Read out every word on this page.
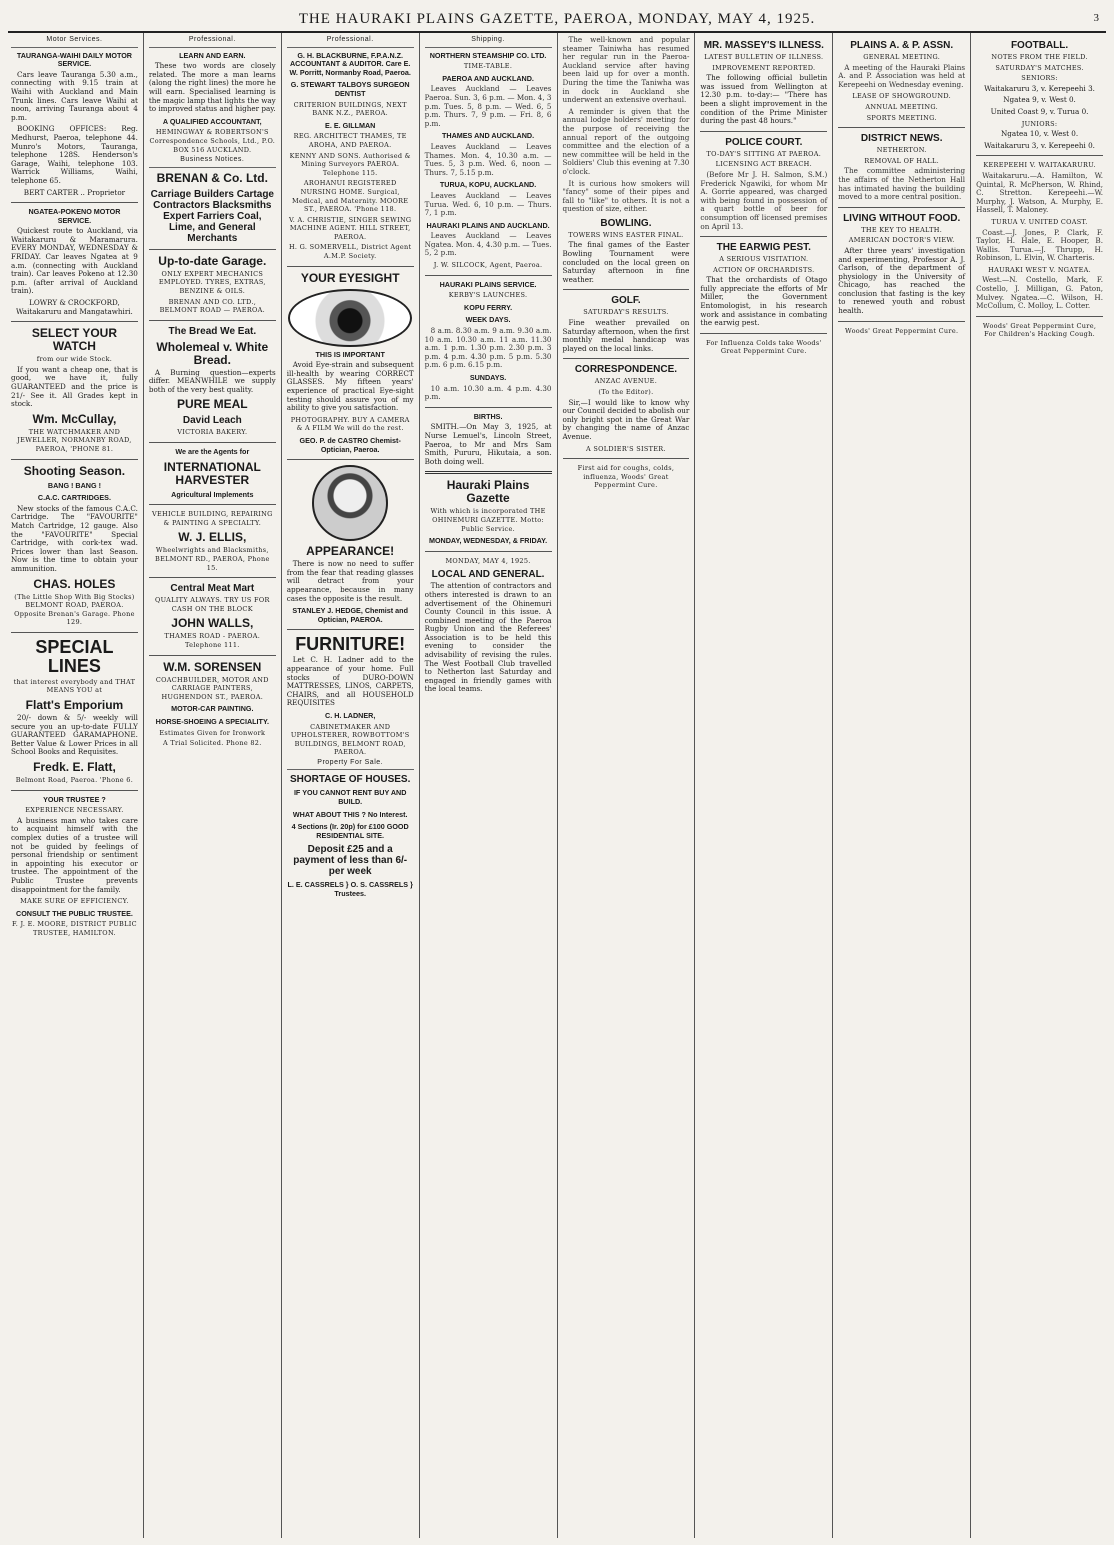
THE HAURAKI PLAINS GAZETTE, PAEROA, MONDAY, MAY 4, 1925.	3
Motor Services.
TAURANGA-WAIHI DAILY MOTOR SERVICE.

Cars leave Tauranga 5.30 a.m., connecting with 9.15 train at Waihi with Auckland and Main Trunk lines. Cars leave Waihi at noon, arriving Tauranga about 4 p.m.

BOOKING OFFICES: Reg. Medhurst, Paeroa, telephone 44. Munro's Motors, Tauranga, telephone 128S. Henderson's Garage, Waihi, telephone 103. Warrick Williams, Waihi, telephone 65.

BERT CARTER .. Proprietor

NGATEA-POKENO MOTOR SERVICE.

Quickest route to Auckland, via Waitakaruru & Maramarura. EVERY MONDAY, WEDNESDAY & FRIDAY. Car leaves Ngatea at 9 a.m. (connecting with Auckland train). Car leaves Pokeno at 12.30 p.m. (after arrival of Auckland train).

LOWRY & CROCKFORD, Waitakaruru and Mangatawhiri.

SELECT YOUR WATCH
from our wide Stock.

If you want a cheap one, that is good, we have it, fully GUARANTEED and the price is 21/- See it. All Grades kept in stock.

Wm. McCullay,
THE WATCHMAKER AND JEWELLER, NORMANBY ROAD, PAEROA, 'PHONE 81.
Shooting Season.
BANG ! BANG !
C.A.C. CARTRIDGES.

New stocks of the famous C.A.C. Cartridge. The "FAVOURITE" Match Cartridge, 12 gauge. Also the "FAVOURITE" Special Cartridge, with cork-tex wad. Prices lower than last Season. Now is the time to obtain your ammunition.

CHAS. HOLES
(The Little Shop With Big Stocks) BELMONT ROAD, PAEROA. Opposite Brenan's Garage. Phone 129.
SPECIAL LINES
that interest everybody and THAT MEANS YOU at
Flatt's Emporium

20/- down & 5/- weekly will secure you an up-to-date FULLY GUARANTEED GARAMAPHONE. Better Value & Lower Prices in all School Books and Requisites.

Fredk. E. Flatt,
Belmont Road, Paeroa. 'Phone 6.
YOUR TRUSTEE ?
EXPERIENCE NECESSARY.

A business man who takes care to acquaint himself with the complex duties of a trustee will not be guided by feelings of personal friendship or sentiment in appointing his executor or trustee. The appointment of the Public Trustee prevents disappointment for the family.

MAKE SURE OF EFFICIENCY.
CONSULT THE PUBLIC TRUSTEE.
F. J. E. MOORE, DISTRICT PUBLIC TRUSTEE, HAMILTON.
Professional.
LEARN AND EARN.

These two words are closely related. The more a man learns (along the right lines) the more he will earn. Specialised learning is the magic lamp that lights the way to improved status and higher pay.

A QUALIFIED ACCOUNTANT,
HEMINGWAY & ROBERTSON'S Correspondence Schools, Ltd., P.O. BOX 516 AUCKLAND.
Business Notices.
BRENAN & Co. Ltd.
Carriage Builders Cartage Contractors Blacksmiths Expert Farriers Coal, Lime, and General Merchants
Up-to-date Garage.
ONLY EXPERT MECHANICS EMPLOYED. TYRES, EXTRAS, BENZINE & OILS.
BRENAN AND CO. LTD., BELMONT ROAD — PAEROA.
The Bread We Eat.
Wholemeal v. White Bread.

A Burning question—experts differ. MEANWHILE we supply both of the very best quality.

PURE MEAL
David Leach
VICTORIA BAKERY.
We are the Agents for
INTERNATIONAL HARVESTER
Agricultural Implements
VEHICLE BUILDING, REPAIRING & PAINTING A SPECIALTY.
W. J. ELLIS,
Wheelwrights and Blacksmiths, BELMONT RD., PAEROA, Phone 15.
Central Meat Mart
QUALITY ALWAYS. TRY US FOR CASH ON THE BLOCK
JOHN WALLS,
THAMES ROAD - PAEROA. Telephone 111.
W.M. SORENSEN
COACHBUILDER, MOTOR AND CARRIAGE PAINTERS, HUGHENDON ST., PAEROA.
MOTOR-CAR PAINTING.
HORSE-SHOEING A SPECIALITY.
Estimates Given for Ironwork
A Trial Solicited. Phone 82.
Professional.
G. H. BLACKBURNE, F.P.A.N.Z. ACCOUNTANT & AUDITOR. Care E. W. Porritt, Normanby Road, Paeroa.
G. STEWART TALBOYS SURGEON DENTIST
CRITERION BUILDINGS, NEXT BANK N.Z., PAEROA.
E. E. GILLMAN
REG. ARCHITECT THAMES, TE AROHA, AND PAEROA.
KENNY AND SONS. Authorised & Mining Surveyors PAEROA. Telephone 115.
AROHANUI REGISTERED NURSING HOME. Surgical, Medical, and Maternity. MOORE ST., PAEROA. 'Phone 118.
V. A. CHRISTIE, SINGER SEWING MACHINE AGENT. HILL STREET, PAEROA.
H. G. SOMERVELL, District Agent A.M.P. Society.
YOUR EYESIGHT
THIS IS IMPORTANT

Avoid Eye-strain and subsequent ill-health by wearing CORRECT GLASSES. My fifteen years' experience of practical Eye-sight testing should assure you of my ability to give you satisfaction.

PHOTOGRAPHY. BUY A CAMERA & A FILM We will do the rest.
GEO. P. de CASTRO Chemist-Optician, Paeroa.
APPEARANCE!

There is now no need to suffer from the fear that reading glasses will detract from your appearance, because in many cases the opposite is the result.

STANLEY J. HEDGE, Chemist and Optician, PAEROA.
FURNITURE!

Let C. H. Ladner add to the appearance of your home. Full stocks of DURO-DOWN MATTRESSES, LINOS, CARPETS, CHAIRS, and all HOUSEHOLD REQUISITES

C. H. LADNER,
CABINETMAKER AND UPHOLSTERER, ROWBOTTOM'S BUILDINGS, BELMONT ROAD, PAEROA.
Property For Sale.
SHORTAGE OF HOUSES.
IF YOU CANNOT RENT BUY AND BUILD.
WHAT ABOUT THIS ? No Interest.
4 Sections (Ir. 20p) for £100 GOOD RESIDENTIAL SITE.
Deposit £25 and a payment of less than 6/- per week
L. E. CASSRELS } O. S. CASSRELS } Trustees.
Shipping.
NORTHERN STEAMSHIP CO. LTD.
TIME-TABLE.
PAEROA AND AUCKLAND.

Leaves Auckland — Leaves Paeroa. Sun. 3, 6 p.m. — Mon. 4, 3 p.m. Tues. 5, 8 p.m. — Wed. 6, 5 p.m. Thurs. 7, 9 p.m. — Fri. 8, 6 p.m.

THAMES AND AUCKLAND.

Leaves Auckland — Leaves Thames. Mon. 4, 10.30 a.m. — Tues. 5, 3 p.m. Wed. 6, noon — Thurs. 7, 5.15 p.m.

TURUA, KOPU, AUCKLAND.

Leaves Auckland — Leaves Turua. Wed. 6, 10 p.m. — Thurs. 7, 1 p.m.

HAURAKI PLAINS AND AUCKLAND.

Leaves Auckland — Leaves Ngatea. Mon. 4, 4.30 p.m. — Tues. 5, 2 p.m.

J. W. SILCOCK, Agent, Paeroa.
HAURAKI PLAINS SERVICE.
KERBY'S LAUNCHES.
KOPU FERRY.
WEEK DAYS.

8 a.m. 8.30 a.m. 9 a.m. 9.30 a.m. 10 a.m. 10.30 a.m. 11 a.m. 11.30 a.m. 1 p.m. 1.30 p.m. 2.30 p.m. 3 p.m. 4 p.m. 4.30 p.m. 5 p.m. 5.30 p.m. 6 p.m. 6.15 p.m.

SUNDAYS.

10 a.m. 10.30 a.m. 4 p.m. 4.30 p.m.

BIRTHS.

SMITH.—On May 3, 1925, at Nurse Lemuel's, Lincoln Street, Paeroa, to Mr and Mrs Sam Smith, Pururu, Hikutaia, a son. Both doing well.

Hauraki Plains Gazette
With which is incorporated THE OHINEMURI GAZETTE. Motto: Public Service.
MONDAY, WEDNESDAY, & FRIDAY.
MONDAY, MAY 4, 1925.
LOCAL AND GENERAL.

The attention of contractors and others interested is drawn to an advertisement of the Ohinemuri County Council in this issue. A combined meeting of the Paeroa Rugby Union and the Referees' Association is to be held this evening to consider the advisability of revising the rules. The West Football Club travelled to Netherton last Saturday and engaged in friendly games with the local teams.

The well-known and popular steamer Tainiwha has resumed her regular run in the Paeroa-Auckland service after having been laid up for over a month. During the time the Taniwha was in dock in Auckland she underwent an extensive overhaul.

A reminder is given that the annual lodge holders' meeting for the purpose of receiving the annual report of the outgoing committee and the election of a new committee will be held in the Soldiers' Club this evening at 7.30 o'clock.

It is curious how smokers will "fancy" some of their pipes and fall to "like" to others. It is not a question of size, either.

BOWLING.
TOWERS WINS EASTER FINAL.

The final games of the Easter Bowling Tournament were concluded on the local green on Saturday afternoon in fine weather.

GOLF.
SATURDAY'S RESULTS.

Fine weather prevailed on Saturday afternoon, when the first monthly medal handicap was played on the local links.

CORRESPONDENCE.
ANZAC AVENUE.
(To the Editor).

Sir,—I would like to know why our Council decided to abolish our only bright spot in the Great War by changing the name of Anzac Avenue.

A SOLDIER'S SISTER.
First aid for coughs, colds, influenza, Woods' Great Peppermint Cure.
MR. MASSEY'S ILLNESS.
LATEST BULLETIN OF ILLNESS.
IMPROVEMENT REPORTED.

The following official bulletin was issued from Wellington at 12.30 p.m. to-day:— "There has been a slight improvement in the condition of the Prime Minister during the past 48 hours."

POLICE COURT.
TO-DAY'S SITTING AT PAEROA.
LICENSING ACT BREACH.

(Before Mr J. H. Salmon, S.M.) Frederick Ngawiki, for whom Mr A. Gorrie appeared, was charged with being found in possession of a quart bottle of beer for consumption off licensed premises on April 13.

THE EARWIG PEST.
A SERIOUS VISITATION.
ACTION OF ORCHARDISTS.

That the orchardists of Otago fully appreciate the efforts of Mr Miller, the Government Entomologist, in his research work and assistance in combating the earwig pest.

For Influenza Colds take Woods' Great Peppermint Cure.
PLAINS A. & P. ASSN.
GENERAL MEETING.

A meeting of the Hauraki Plains A. and P. Association was held at Kerepeehi on Wednesday evening.

LEASE OF SHOWGROUND.
ANNUAL MEETING.
SPORTS MEETING.
DISTRICT NEWS.
NETHERTON.
REMOVAL OF HALL.

The committee administering the affairs of the Netherton Hall has intimated having the building moved to a more central position.

LIVING WITHOUT FOOD.
THE KEY TO HEALTH.
AMERICAN DOCTOR'S VIEW.

After three years' investigation and experimenting, Professor A. J. Carlson, of the department of physiology in the University of Chicago, has reached the conclusion that fasting is the key to renewed youth and robust health.

Woods' Great Peppermint Cure.
FOOTBALL.
NOTES FROM THE FIELD.
SATURDAY'S MATCHES.
SENIORS:

Waitakaruru 3, v. Kerepeehi 3.

Ngatea 9, v. West 0.

United Coast 9, v. Turua 0.

JUNIORS:

Ngatea 10, v. West 0.

Waitakaruru 3, v. Kerepeehi 0.

KEREPEEHI V. WAITAKARURU.

Waitakaruru.—A. Hamilton, W. Quintal, R. McPherson, W. Rhind, C. Stretton. Kerepeehi.—W. Murphy, J. Watson, A. Murphy, E. Hassell, T. Maloney.

TURUA V. UNITED COAST.

Coast.—J. Jones, P. Clark, F. Taylor, H. Hale, E. Hooper, B. Wallis. Turua.—J. Thrupp, H. Robinson, L. Elvin, W. Charteris.

HAURAKI WEST V. NGATEA.

West.—N. Costello, Mark, F. Costello, J. Milligan, G. Paton, Mulvey. Ngatea.—C. Wilson, H. McCollum, C. Molloy, L. Cotter.

Woods' Great Peppermint Cure, For Children's Hacking Cough.
